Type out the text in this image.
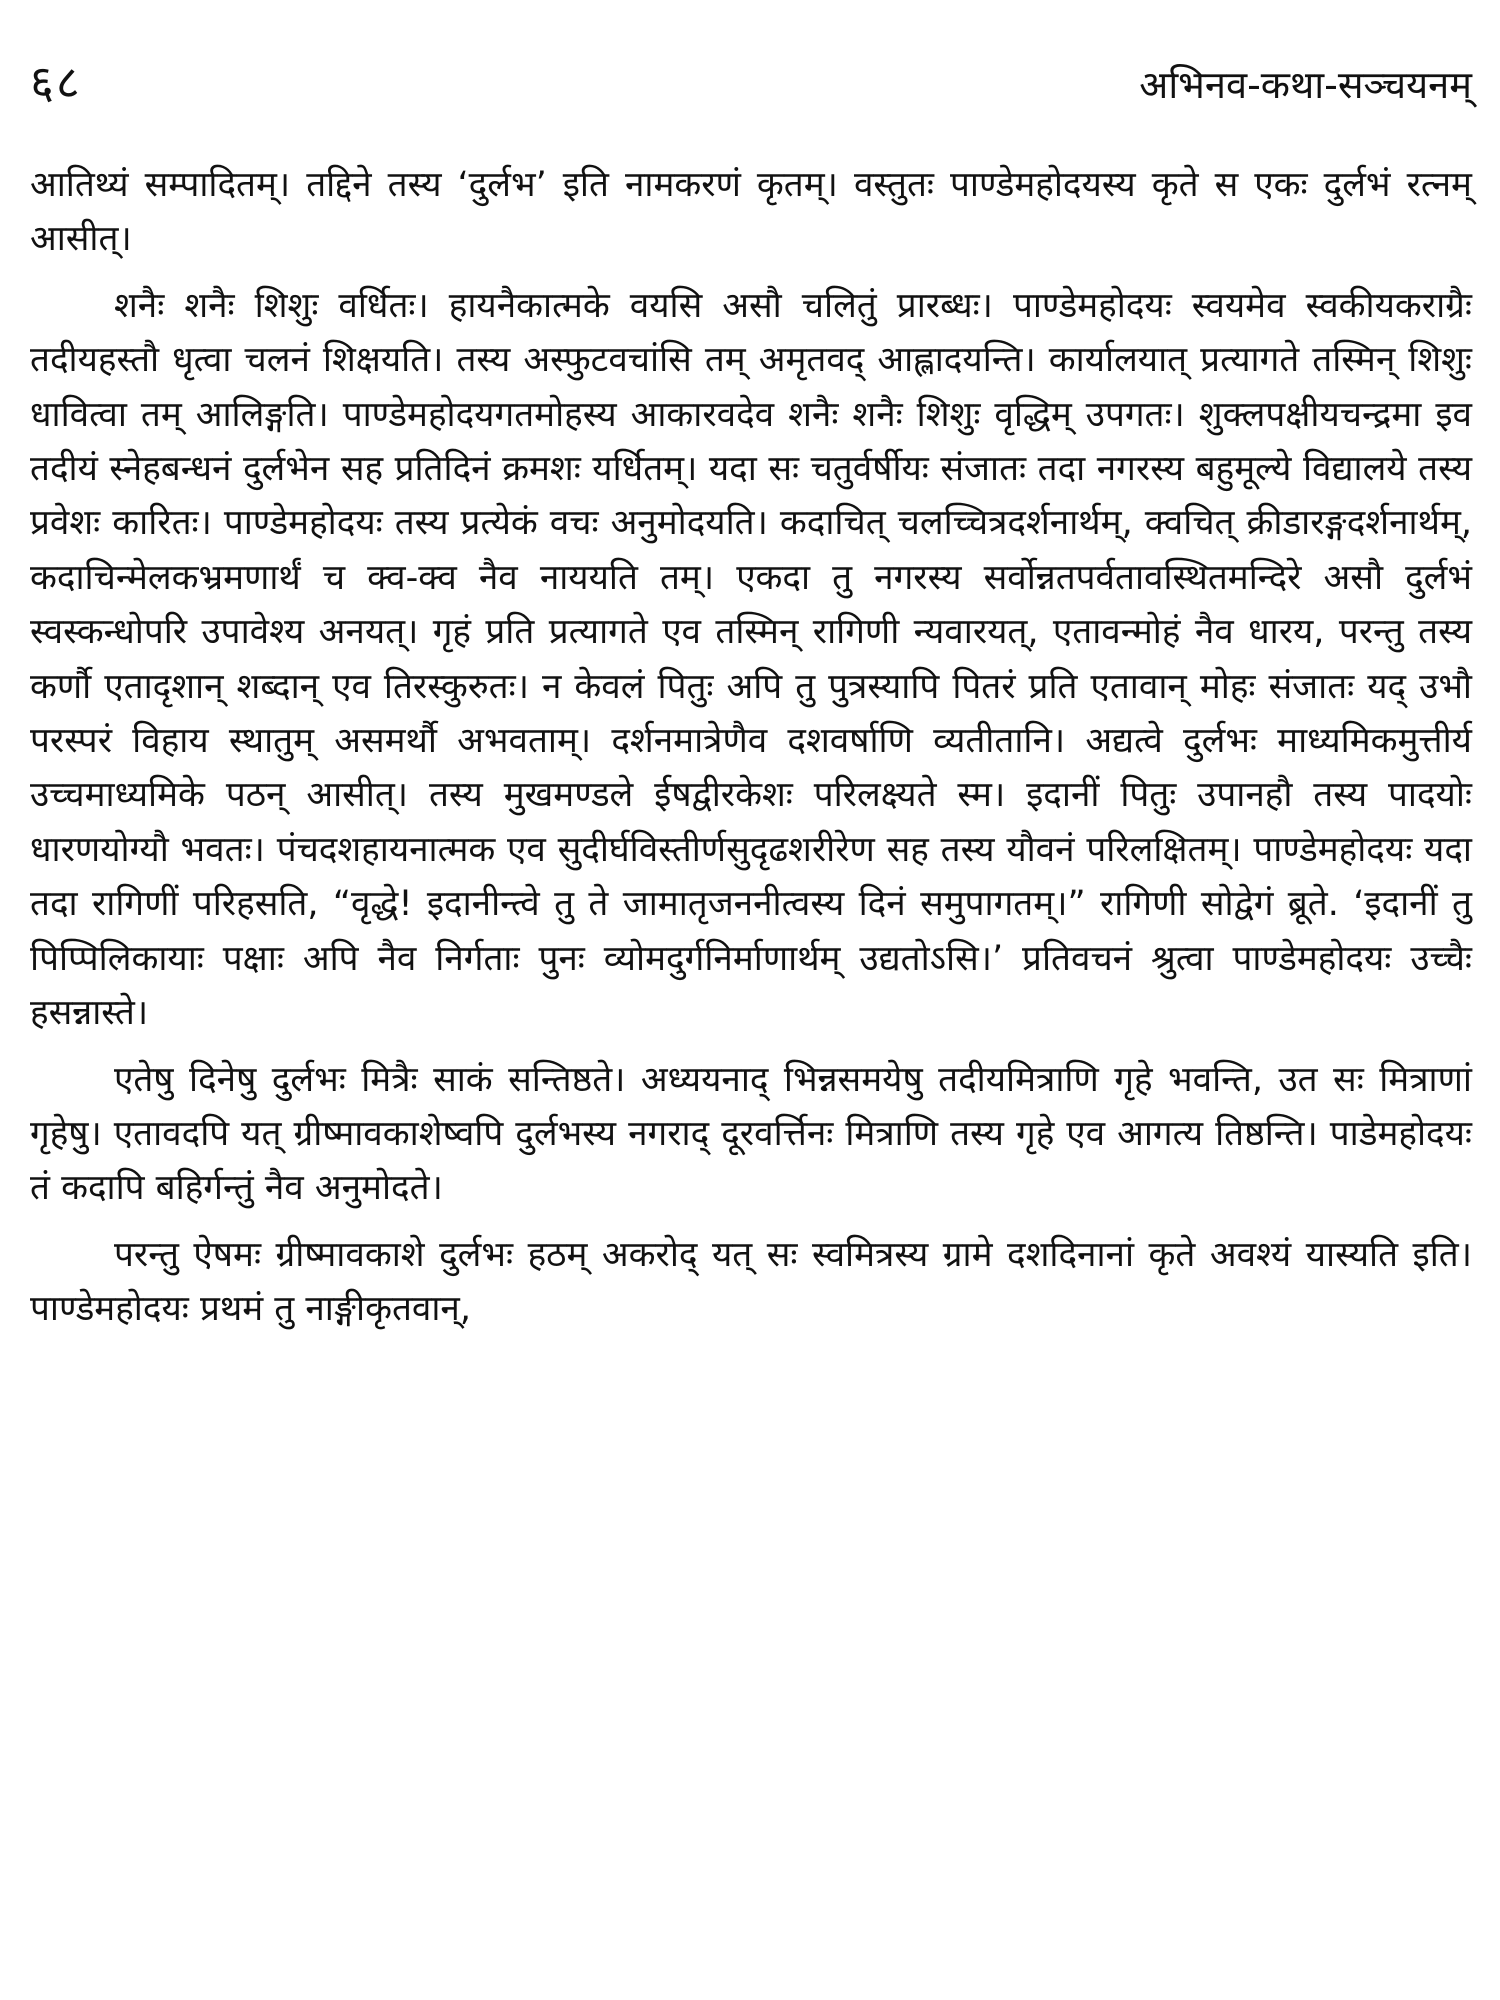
६८	अभिनव-कथा-सञ्चयनम्

आतिथ्यं सम्पादितम्। तद्दिने तस्य ‘दुर्लभ’ इति नामकरणं कृतम्। वस्तुतः पाण्डेमहोदयस्य कृते स एकः दुर्लभं रत्नम् आसीत्।

शनैः शनैः शिशुः वर्धितः। हायनैकात्मके वयसि असौ चलितुं प्रारब्धः। पाण्डेमहोदयः स्वयमेव स्वकीयकराग्रैः तदीयहस्तौ धृत्वा चलनं शिक्षयति। तस्य अस्फुटवचांसि तम् अमृतवद् आह्लादयन्ति। कार्यालयात् प्रत्यागते तस्मिन् शिशुः धावित्वा तम् आलिङ्गति। पाण्डेमहोदयगतमोहस्य आकारवदेव शनैः शनैः शिशुः वृद्धिम् उपगतः। शुक्लपक्षीयचन्द्रमा इव तदीयं स्नेहबन्धनं दुर्लभेन सह प्रतिदिनं क्रमशः यर्धितम्। यदा सः चतुर्वर्षीयः संजातः तदा नगरस्य बहुमूल्ये विद्यालये तस्य प्रवेशः कारितः। पाण्डेमहोदयः तस्य प्रत्येकं वचः अनुमोदयति। कदाचित् चलच्चित्रदर्शनार्थम्, क्वचित् क्रीडारङ्गदर्शनार्थम्, कदाचिन्मेलकभ्रमणार्थं च क्व-क्व नैव नाययति तम्। एकदा तु नगरस्य सर्वोन्नतपर्वतावस्थितमन्दिरे असौ दुर्लभं स्वस्कन्धोपरि उपावेश्य अनयत्। गृहं प्रति प्रत्यागते एव तस्मिन् रागिणी न्यवारयत्, एतावन्मोहं नैव धारय, परन्तु तस्य कर्णौ एतादृशान् शब्दान् एव तिरस्कुरुतः। न केवलं पितुः अपि तु पुत्रस्यापि पितरं प्रति एतावान् मोहः संजातः यद् उभौ परस्परं विहाय स्थातुम् असमर्थौ अभवताम्। दर्शनमात्रेणैव दशवर्षाणि व्यतीतानि। अद्यत्वे दुर्लभः माध्यमिकमुत्तीर्य उच्चमाध्यमिके पठन् आसीत्। तस्य मुखमण्डले ईषद्वीरकेशः परिलक्ष्यते स्म। इदानीं पितुः उपानहौ तस्य पादयोः धारणयोग्यौ भवतः। पंचदशहायनात्मक एव सुदीर्घविस्तीर्णसुदृढशरीरेण सह तस्य यौवनं परिलक्षितम्। पाण्डेमहोदयः यदा तदा रागिणीं परिहसति, “वृद्धे! इदानीन्त्वे तु ते जामातृजननीत्वस्य दिनं समुपागतम्।” रागिणी सोद्वेगं ब्रूते. ‘इदानीं तु पिप्पिलिकायाः पक्षाः अपि नैव निर्गताः पुनः व्योमदुर्गनिर्माणार्थम् उद्यतोऽसि।’ प्रतिवचनं श्रुत्वा पाण्डेमहोदयः उच्चैः हसन्नास्ते।

एतेषु दिनेषु दुर्लभः मित्रैः साकं सन्तिष्ठते। अध्ययनाद् भिन्नसमयेषु तदीयमित्राणि गृहे भवन्ति, उत सः मित्राणां गृहेषु। एतावदपि यत् ग्रीष्मावकाशेष्वपि दुर्लभस्य नगराद् दूरवर्त्तिनः मित्राणि तस्य गृहे एव आगत्य तिष्ठन्ति। पाडेमहोदयः तं कदापि बहिर्गन्तुं नैव अनुमोदते।

परन्तु ऐषमः ग्रीष्मावकाशे दुर्लभः हठम् अकरोद् यत् सः स्वमित्रस्य ग्रामे दशदिनानां कृते अवश्यं यास्यति इति। पाण्डेमहोदयः प्रथमं तु नाङ्गीकृतवान्,
